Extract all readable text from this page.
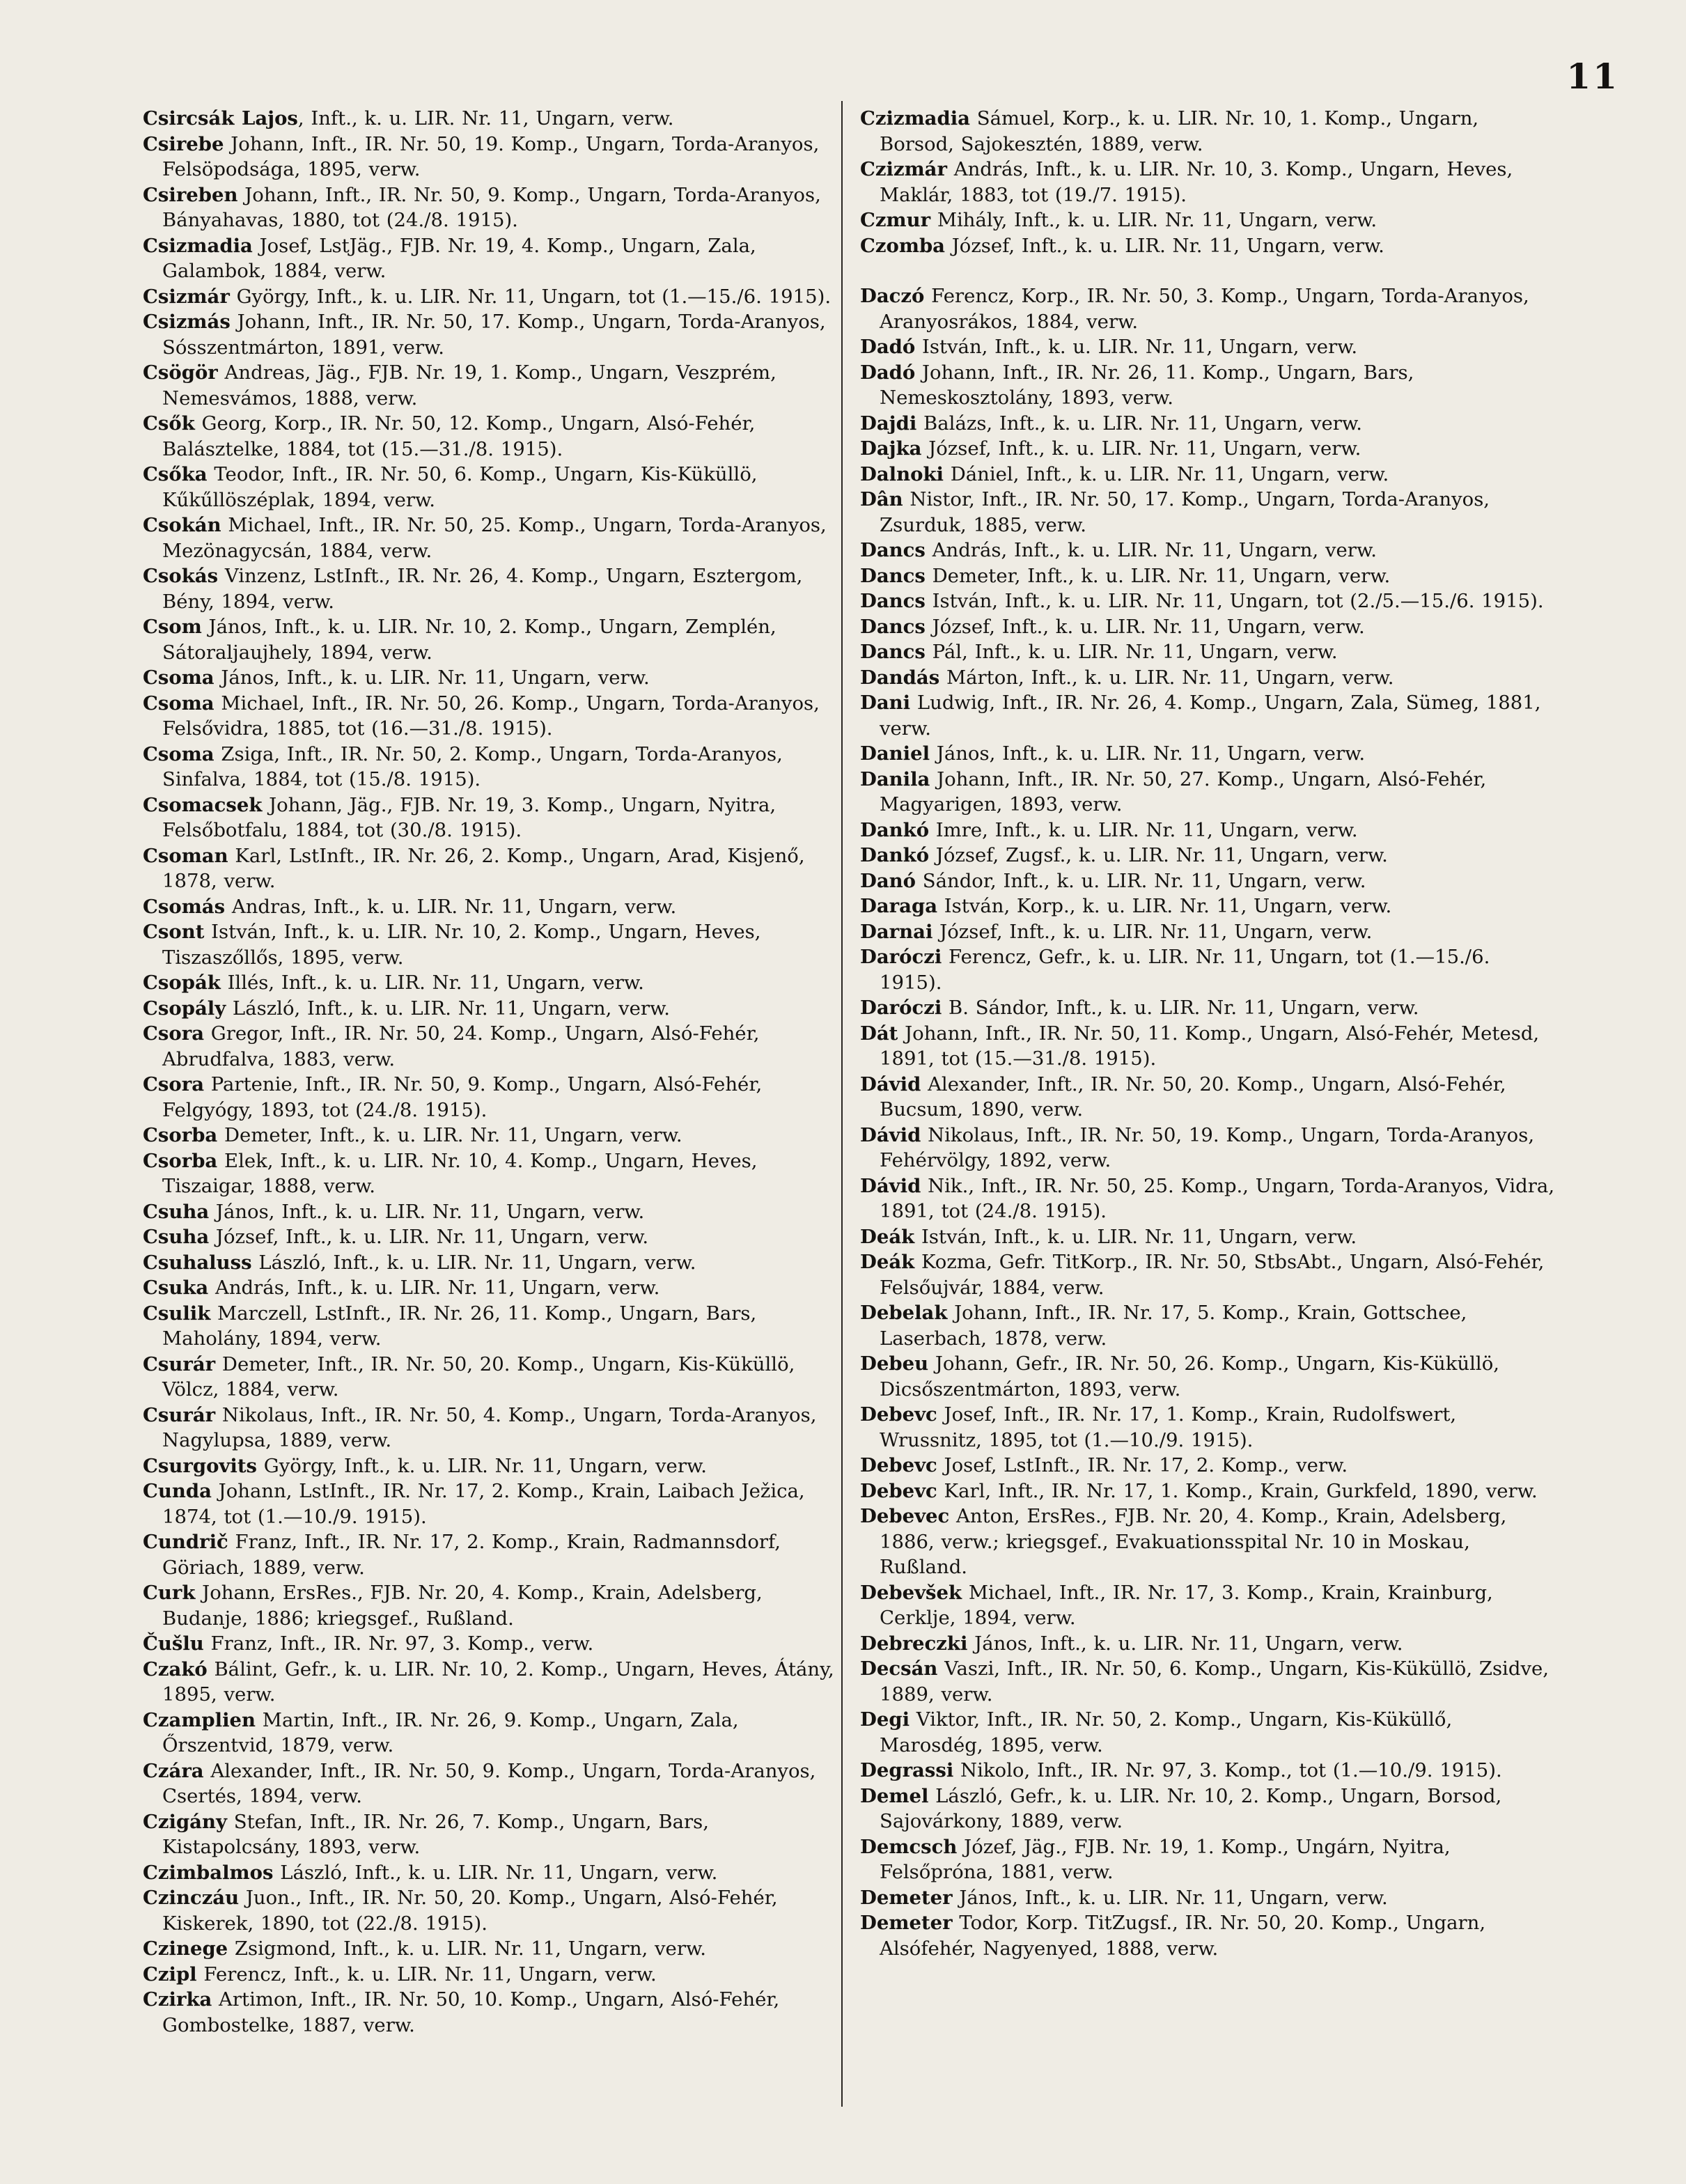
11

Csircsák Lajos, Inft., k. u. LIR. Nr. 11, Ungarn, verw.

Csirebe Johann, Inft., IR. Nr. 50, 19. Komp., Ungarn, Torda-Aranyos, Felsöpodsága, 1895, verw.

Csireben Johann, Inft., IR. Nr. 50, 9. Komp., Ungarn, Torda-Aranyos, Bányahavas, 1880, tot (24./8. 1915).

Csizmadia Josef, LstJäg., FJB. Nr. 19, 4. Komp., Ungarn, Zala, Galambok, 1884, verw.

Csizmár György, Inft., k. u. LIR. Nr. 11, Ungarn, tot (1.—15./6. 1915).

Csizmás Johann, Inft., IR. Nr. 50, 17. Komp., Ungarn, Torda-Aranyos, Sósszentmárton, 1891, verw.

Csögör Andreas, Jäg., FJB. Nr. 19, 1. Komp., Ungarn, Veszprém, Nemesvámos, 1888, verw.

Csők Georg, Korp., IR. Nr. 50, 12. Komp., Ungarn, Alsó-Fehér, Balásztelke, 1884, tot (15.—31./8. 1915).

Csőka Teodor, Inft., IR. Nr. 50, 6. Komp., Ungarn, Kis-Küküllö, Kűkűllöszéplak, 1894, verw.

Csokán Michael, Inft., IR. Nr. 50, 25. Komp., Ungarn, Torda-Aranyos, Mezönagycsán, 1884, verw.

Csokás Vinzenz, LstInft., IR. Nr. 26, 4. Komp., Ungarn, Esztergom, Bény, 1894, verw.

Csom János, Inft., k. u. LIR. Nr. 10, 2. Komp., Ungarn, Zemplén, Sátoraljaujhely, 1894, verw.

Csoma János, Inft., k. u. LIR. Nr. 11, Ungarn, verw.

Csoma Michael, Inft., IR. Nr. 50, 26. Komp., Ungarn, Torda-Aranyos, Felsővidra, 1885, tot (16.—31./8. 1915).

Csoma Zsiga, Inft., IR. Nr. 50, 2. Komp., Ungarn, Torda-Aranyos, Sinfalva, 1884, tot (15./8. 1915).

Csomacsek Johann, Jäg., FJB. Nr. 19, 3. Komp., Ungarn, Nyitra, Felsőbotfalu, 1884, tot (30./8. 1915).

Csoman Karl, LstInft., IR. Nr. 26, 2. Komp., Ungarn, Arad, Kisjenő, 1878, verw.

Csomás Andras, Inft., k. u. LIR. Nr. 11, Ungarn, verw.

Csont István, Inft., k. u. LIR. Nr. 10, 2. Komp., Ungarn, Heves, Tiszaszőllős, 1895, verw.

Csopák Illés, Inft., k. u. LIR. Nr. 11, Ungarn, verw.

Csopály László, Inft., k. u. LIR. Nr. 11, Ungarn, verw.

Csora Gregor, Inft., IR. Nr. 50, 24. Komp., Ungarn, Alsó-Fehér, Abrudfalva, 1883, verw.

Csora Partenie, Inft., IR. Nr. 50, 9. Komp., Ungarn, Alsó-Fehér, Felgyógy, 1893, tot (24./8. 1915).

Csorba Demeter, Inft., k. u. LIR. Nr. 11, Ungarn, verw.

Csorba Elek, Inft., k. u. LIR. Nr. 10, 4. Komp., Ungarn, Heves, Tiszaigar, 1888, verw.

Csuha János, Inft., k. u. LIR. Nr. 11, Ungarn, verw.

Csuha József, Inft., k. u. LIR. Nr. 11, Ungarn, verw.

Csuhaluss László, Inft., k. u. LIR. Nr. 11, Ungarn, verw.

Csuka András, Inft., k. u. LIR. Nr. 11, Ungarn, verw.

Csulik Marczell, LstInft., IR. Nr. 26, 11. Komp., Ungarn, Bars, Maholány, 1894, verw.

Csurár Demeter, Inft., IR. Nr. 50, 20. Komp., Ungarn, Kis-Küküllö, Völcz, 1884, verw.

Csurár Nikolaus, Inft., IR. Nr. 50, 4. Komp., Ungarn, Torda-Aranyos, Nagylupsa, 1889, verw.

Csurgovits György, Inft., k. u. LIR. Nr. 11, Ungarn, verw.

Cunda Johann, LstInft., IR. Nr. 17, 2. Komp., Krain, Laibach Ježica, 1874, tot (1.—10./9. 1915).

Cundrič Franz, Inft., IR. Nr. 17, 2. Komp., Krain, Radmannsdorf, Göriach, 1889, verw.

Curk Johann, ErsRes., FJB. Nr. 20, 4. Komp., Krain, Adelsberg, Budanje, 1886; kriegsgef., Rußland.

Čušlu Franz, Inft., IR. Nr. 97, 3. Komp., verw.

Czakó Bálint, Gefr., k. u. LIR. Nr. 10, 2. Komp., Ungarn, Heves, Átány, 1895, verw.

Czamplien Martin, Inft., IR. Nr. 26, 9. Komp., Ungarn, Zala, Őrszentvid, 1879, verw.

Czára Alexander, Inft., IR. Nr. 50, 9. Komp., Ungarn, Torda-Aranyos, Csertés, 1894, verw.

Czigány Stefan, Inft., IR. Nr. 26, 7. Komp., Ungarn, Bars, Kistapolcsány, 1893, verw.

Czimbalmos László, Inft., k. u. LIR. Nr. 11, Ungarn, verw.

Czinczáu Juon., Inft., IR. Nr. 50, 20. Komp., Ungarn, Alsó-Fehér, Kiskerek, 1890, tot (22./8. 1915).

Czinege Zsigmond, Inft., k. u. LIR. Nr. 11, Ungarn, verw.

Czipl Ferencz, Inft., k. u. LIR. Nr. 11, Ungarn, verw.

Czirka Artimon, Inft., IR. Nr. 50, 10. Komp., Ungarn, Alsó-Fehér, Gombostelke, 1887, verw.

Czizmadia Sámuel, Korp., k. u. LIR. Nr. 10, 1. Komp., Ungarn, Borsod, Sajokesztén, 1889, verw.

Czizmár András, Inft., k. u. LIR. Nr. 10, 3. Komp., Ungarn, Heves, Maklár, 1883, tot (19./7. 1915).

Czmur Mihály, Inft., k. u. LIR. Nr. 11, Ungarn, verw.

Czomba József, Inft., k. u. LIR. Nr. 11, Ungarn, verw.

Daczó Ferencz, Korp., IR. Nr. 50, 3. Komp., Ungarn, Torda-Aranyos, Aranyosrákos, 1884, verw.

Dadó István, Inft., k. u. LIR. Nr. 11, Ungarn, verw.

Dadó Johann, Inft., IR. Nr. 26, 11. Komp., Ungarn, Bars, Nemeskosztolány, 1893, verw.

Dajdi Balázs, Inft., k. u. LIR. Nr. 11, Ungarn, verw.

Dajka József, Inft., k. u. LIR. Nr. 11, Ungarn, verw.

Dalnoki Dániel, Inft., k. u. LIR. Nr. 11, Ungarn, verw.

Dân Nistor, Inft., IR. Nr. 50, 17. Komp., Ungarn, Torda-Aranyos, Zsurduk, 1885, verw.

Dancs András, Inft., k. u. LIR. Nr. 11, Ungarn, verw.

Dancs Demeter, Inft., k. u. LIR. Nr. 11, Ungarn, verw.

Dancs István, Inft., k. u. LIR. Nr. 11, Ungarn, tot (2./5.—15./6. 1915).

Dancs József, Inft., k. u. LIR. Nr. 11, Ungarn, verw.

Dancs Pál, Inft., k. u. LIR. Nr. 11, Ungarn, verw.

Dandás Márton, Inft., k. u. LIR. Nr. 11, Ungarn, verw.

Dani Ludwig, Inft., IR. Nr. 26, 4. Komp., Ungarn, Zala, Sümeg, 1881, verw.

Daniel János, Inft., k. u. LIR. Nr. 11, Ungarn, verw.

Danila Johann, Inft., IR. Nr. 50, 27. Komp., Ungarn, Alsó-Fehér, Magyarigen, 1893, verw.

Dankó Imre, Inft., k. u. LIR. Nr. 11, Ungarn, verw.

Dankó József, Zugsf., k. u. LIR. Nr. 11, Ungarn, verw.

Danó Sándor, Inft., k. u. LIR. Nr. 11, Ungarn, verw.

Daraga István, Korp., k. u. LIR. Nr. 11, Ungarn, verw.

Darnai József, Inft., k. u. LIR. Nr. 11, Ungarn, verw.

Daróczi Ferencz, Gefr., k. u. LIR. Nr. 11, Ungarn, tot (1.—15./6. 1915).

Daróczi B. Sándor, Inft., k. u. LIR. Nr. 11, Ungarn, verw.

Dát Johann, Inft., IR. Nr. 50, 11. Komp., Ungarn, Alsó-Fehér, Metesd, 1891, tot (15.—31./8. 1915).

Dávid Alexander, Inft., IR. Nr. 50, 20. Komp., Ungarn, Alsó-Fehér, Bucsum, 1890, verw.

Dávid Nikolaus, Inft., IR. Nr. 50, 19. Komp., Ungarn, Torda-Aranyos, Fehérvölgy, 1892, verw.

Dávid Nik., Inft., IR. Nr. 50, 25. Komp., Ungarn, Torda-Aranyos, Vidra, 1891, tot (24./8. 1915).

Deák István, Inft., k. u. LIR. Nr. 11, Ungarn, verw.

Deák Kozma, Gefr. TitKorp., IR. Nr. 50, StbsAbt., Ungarn, Alsó-Fehér, Felsőujvár, 1884, verw.

Debelak Johann, Inft., IR. Nr. 17, 5. Komp., Krain, Gottschee, Laserbach, 1878, verw.

Debeu Johann, Gefr., IR. Nr. 50, 26. Komp., Ungarn, Kis-Küküllö, Dicsőszentmárton, 1893, verw.

Debevc Josef, Inft., IR. Nr. 17, 1. Komp., Krain, Rudolfswert, Wrussnitz, 1895, tot (1.—10./9. 1915).

Debevc Josef, LstInft., IR. Nr. 17, 2. Komp., verw.

Debevc Karl, Inft., IR. Nr. 17, 1. Komp., Krain, Gurkfeld, 1890, verw.

Debevec Anton, ErsRes., FJB. Nr. 20, 4. Komp., Krain, Adelsberg, 1886, verw.; kriegsgef., Evakuationsspital Nr. 10 in Moskau, Rußland.

Debevšek Michael, Inft., IR. Nr. 17, 3. Komp., Krain, Krainburg, Cerklje, 1894, verw.

Debreczki János, Inft., k. u. LIR. Nr. 11, Ungarn, verw.

Decsán Vaszi, Inft., IR. Nr. 50, 6. Komp., Ungarn, Kis-Küküllö, Zsidve, 1889, verw.

Degi Viktor, Inft., IR. Nr. 50, 2. Komp., Ungarn, Kis-Küküllő, Marosdég, 1895, verw.

Degrassi Nikolo, Inft., IR. Nr. 97, 3. Komp., tot (1.—10./9. 1915).

Demel László, Gefr., k. u. LIR. Nr. 10, 2. Komp., Ungarn, Borsod, Sajovárkony, 1889, verw.

Demcsch Józef, Jäg., FJB. Nr. 19, 1. Komp., Ungárn, Nyitra, Felsőpróna, 1881, verw.

Demeter János, Inft., k. u. LIR. Nr. 11, Ungarn, verw.

Demeter Todor, Korp. TitZugsf., IR. Nr. 50, 20. Komp., Ungarn, Alsófehér, Nagyenyed, 1888, verw.
